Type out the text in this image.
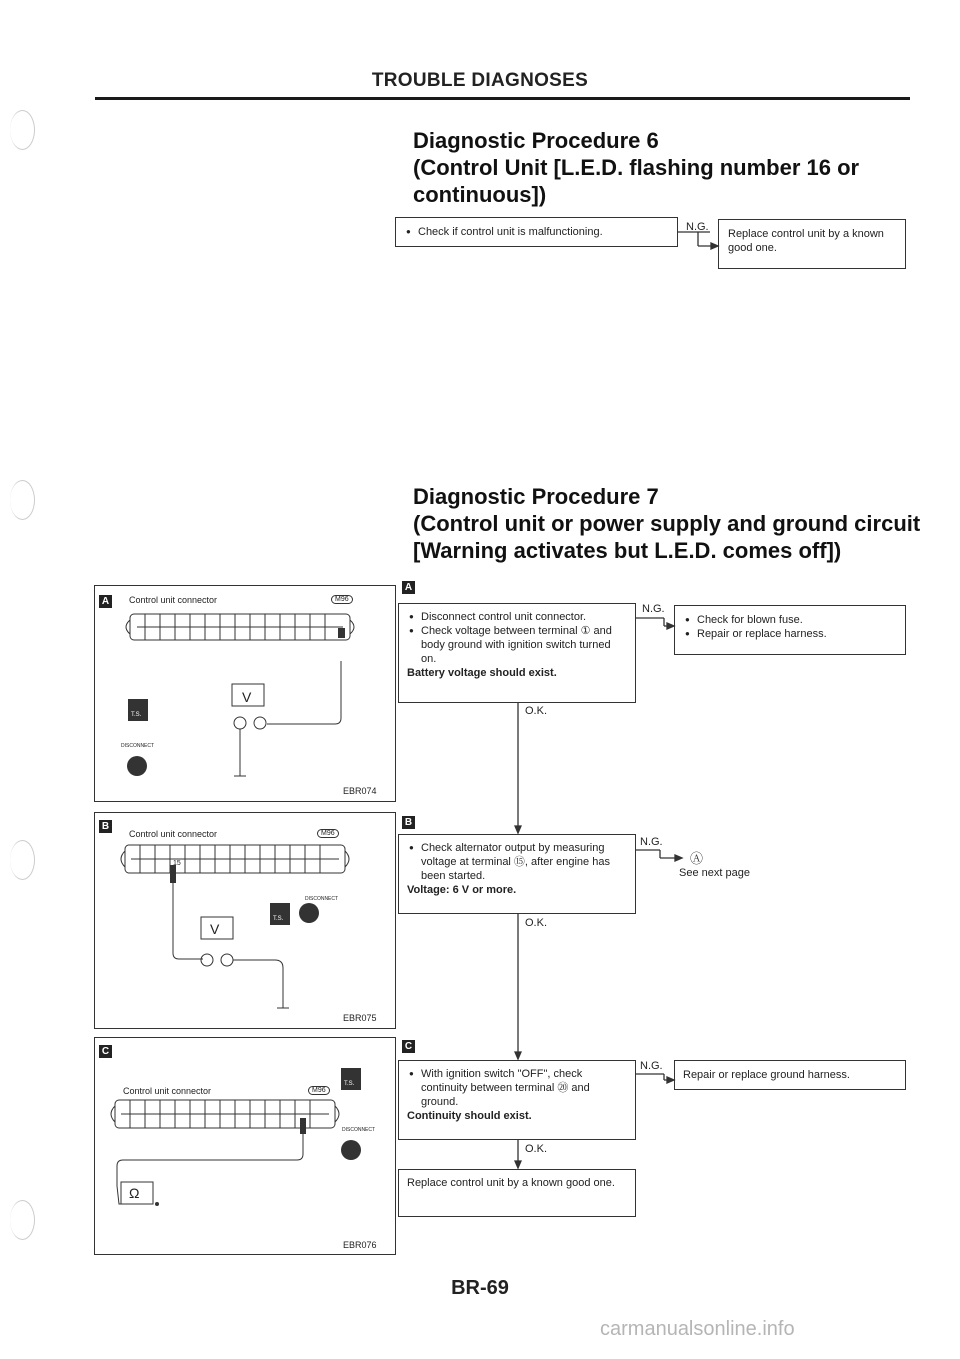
TROUBLE DIAGNOSES
Diagnostic Procedure 6
(Control Unit [L.E.D. flashing number 16 or
continuous])
● Check if control unit is malfunctioning.	N.G.
Replace control unit by a known good one.
Diagnostic Procedure 7
(Control unit or power supply and ground circuit
[Warning activates but L.E.D. comes off])
A
● Disconnect control unit connector.
● Check voltage between terminal ① and body ground with ignition switch turned on.
Battery voltage should exist.
N.G.
● Check for blown fuse.
● Repair or replace harness.
O.K.
B
● Check alternator output by measuring voltage at terminal ⑮, after engine has been started.
Voltage: 6 V or more.
N.G.
Ⓐ
See next page
O.K.
C
● With ignition switch "OFF", check continuity between terminal ⑳ and ground.
Continuity should exist.
N.G.
Repair or replace ground harness.
O.K.
Replace control unit by a known good one.
A	Control unit connector	M96
V
T.S.
DISCONNECT
EBR074
B
Control unit connector	M96
15
V
T.S.
DISCONNECT
EBR075
C
Control unit connector	M96
Ω
T.S.
DISCONNECT
EBR076
BR-69
carmanualsonline.info
